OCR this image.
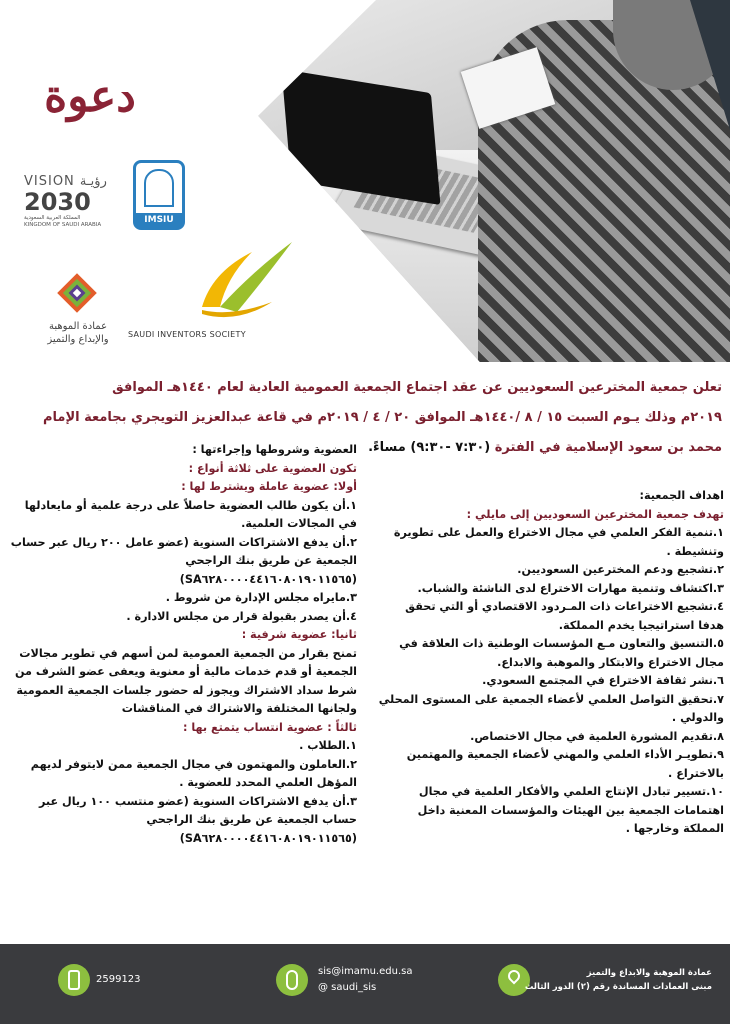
دعوة
VISION رؤيـة
2030
المملكة العربية السعودية
KINGDOM OF SAUDI ARABIA	IMSIU
SAUDI INVENTORS SOCIETY
عمادة الموهبة
والإبداع والتميز

تعلن جمعية المخترعين السعوديين عن عقد اجتماع الجمعية العمومية العادية لعام ١٤٤٠هـ الموافق

٢٠١٩م وذلك يـوم السبت ١٥ / ٨ /١٤٤٠هـ الموافق ٢٠ / ٤ / ٢٠١٩م في قاعة عبدالعزيز التويجري بجامعة الإمام

محمد بن سعود الإسلامية في الفترة (٧:٣٠ -٩:٣٠) مساءً.

العضوية وشروطها وإجراءتها :

تكون العضوية على ثلاثة أنواع :

أولا: عضوية عاملة ويشترط لها :

١.أن يكون طالب العضوية حاصلاً على درجة علمية أو مايعادلها في المجالات العلمية.

٢.أن يدفع الاشتراكات السنوية (عضو عامل ٢٠٠ ريال عبر حساب الجمعية عن طريق بنك الراجحي (SA٦٢٨٠٠٠٠٤٤١٦٠٨٠١٩٠١١٥٦٥)

٣.مايراه مجلس الإدارة من شروط .

٤.أن يصدر بقبولة قرار من مجلس الادارة .

ثانيا: عضوية شرفية :

تمنح بقرار من الجمعية العمومية لمن أسهم في تطوير مجالات الجمعية أو قدم خدمات مالية أو معنوية ويعفى عضو الشرف من شرط سداد الاشتراك ويجوز له حضور جلسات الجمعية العمومية ولجانها المختلفة والاشتراك في المناقشات

ثالثاً : عضوية انتساب يتمتع بها :

١.الطلاب .

٢.العاملون والمهتمون في مجال الجمعية ممن لايتوفر لديهم المؤهل العلمي المحدد للعضوية .

٣.أن يدفع الاشتراكات السنوية (عضو منتسب ١٠٠ ريال عبر حساب الجمعية عن طريق بنك الراجحي (SA٦٢٨٠٠٠٠٤٤١٦٠٨٠١٩٠١١٥٦٥)

اهداف الجمعية:

تهدف جمعية المخترعين السعوديين إلى مايلي :

١.تنمية الفكر العلمي في مجال الاختراع والعمل على تطويرة وتنشيطة .

٢.تشجيع ودعم المخترعين السعوديين.

٣.اكتشاف وتنمية مهارات الاختراع لدى الناشئة والشباب.

٤.تشجيع الاختراعات ذات المـردود الاقتصادي أو التي تحقق هدفا استراتيجيا يخدم المملكة.

٥.التنسيق والتعاون مـع المؤسسات الوطنية ذات العلاقة في مجال الاختراع والابتكار والموهبة والابداع.

٦.نشر ثقافة الاختراع في المجتمع السعودي.

٧.تحقيق التواصل العلمي لأعضاء الجمعية على المستوى المحلي والدولي .

٨.تقديم المشورة العلمية في مجال الاختصاص.

٩.تطويـر الأداء العلمي والمهني لأعضاء الجمعية والمهتمين بالاختراع .

١٠.تسيير تبادل الإنتاج العلمي والأفكار العلمية في مجال اهتمامات الجمعية بين الهيئات والمؤسسات المعنية داخل المملكة وخارجها .

2599123
sis@imamu.edu.sa
@ saudi_sis
عمادة الموهبة والابداع والتميز
مبنى العمادات المساندة رقم (٢) الدور الثالث
